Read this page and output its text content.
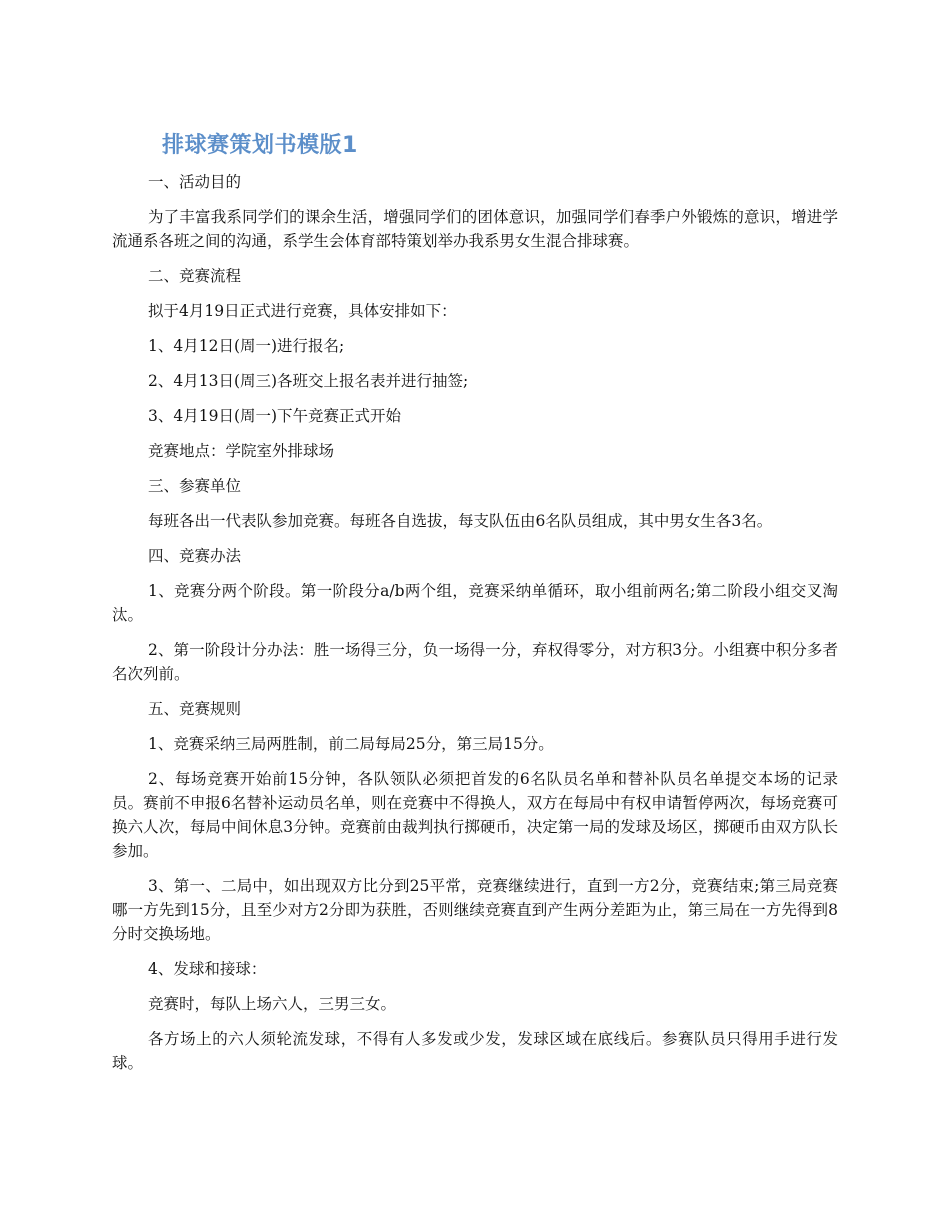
排球赛策划书模版1

一、活动目的

为了丰富我系同学们的课余生活，增强同学们的团体意识，加强同学们春季户外锻炼的意识，增进学流通系各班之间的沟通，系学生会体育部特策划举办我系男女生混合排球赛。

二、竞赛流程

拟于4月19日正式进行竞赛，具体安排如下：

1、4月12日(周一)进行报名;

2、4月13日(周三)各班交上报名表并进行抽签;

3、4月19日(周一)下午竞赛正式开始

竞赛地点：学院室外排球场

三、参赛单位

每班各出一代表队参加竞赛。每班各自选拔，每支队伍由6名队员组成，其中男女生各3名。

四、竞赛办法

1、竞赛分两个阶段。第一阶段分a/b两个组，竞赛采纳单循环，取小组前两名;第二阶段小组交叉淘汰。

2、第一阶段计分办法：胜一场得三分，负一场得一分，弃权得零分，对方积3分。小组赛中积分多者名次列前。

五、竞赛规则

1、竞赛采纳三局两胜制，前二局每局25分，第三局15分。

2、每场竞赛开始前15分钟，各队领队必须把首发的6名队员名单和替补队员名单提交本场的记录员。赛前不申报6名替补运动员名单，则在竞赛中不得换人，双方在每局中有权申请暂停两次，每场竞赛可换六人次，每局中间休息3分钟。竞赛前由裁判执行掷硬币，决定第一局的发球及场区，掷硬币由双方队长参加。

3、第一、二局中，如出现双方比分到25平常，竞赛继续进行，直到一方2分，竞赛结束;第三局竞赛哪一方先到15分，且至少对方2分即为获胜，否则继续竞赛直到产生两分差距为止，第三局在一方先得到8分时交换场地。

4、发球和接球：

竞赛时，每队上场六人，三男三女。

各方场上的六人须轮流发球，不得有人多发或少发，发球区域在底线后。参赛队员只得用手进行发球。
